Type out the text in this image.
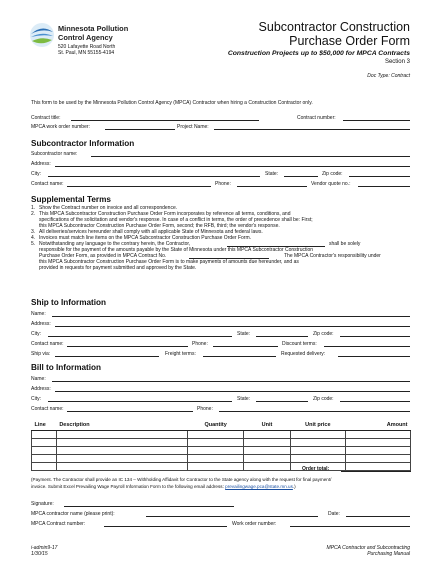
Minnesota Pollution
Control Agency
520 Lafayette Road North
St. Paul, MN 55155-4194
Subcontractor Construction
Purchase Order Form
Construction Projects up to $50,000 for MPCA Contracts
Section 3
Doc Type: Contract
This form to be used by the Minnesota Pollution Control Agency (MPCA) Contractor when hiring a Construction Contractor only.
Contract title:	Contract number:
MPCA work order number:	Project Name:
Subcontractor Information
Subcontractor name:
Address:
City:	State:	Zip code:
Contact name:	Phone:	Vendor quote no.:
Supplemental Terms
1. Show the Contract number on invoice and all correspondence.
2. This MPCA Subcontractor Construction Purchase Order Form incorporates by reference all terms, conditions, and
specifications of the solicitation and vendor's response. In case of a conflict in terms, the order of precedence shall be: First;
this MPCA Subcontractor Construction Purchase Order Form, second; the RFB, third; the vendor's response.
3. All deliveries/services hereunder shall comply with all applicable State of Minnesota and federal laws.
4. Invoices must match line items on the MPCA Subcontractor Construction Purchase Order Form.
5. Notwithstanding any language to the contrary herein, the Contractor,
responsible for the payment of the amounts payable by the State of Minnesota under this MPCA Subcontractor Construction
Purchase Order Form, as provided in MPCA Contract No.
this MPCA Subcontractor Construction Purchase Order Form is to make payments of amounts due hereunder, and as
provided in requests for payment submitted and approved by the State.
shall be solely
The MPCA Contractor's responsibility under
Ship to Information
Name:
Address:
City:	State:	Zip code:
Contact name:	Phone:	Discount terms:
Ship via:	Freight terms:	Requested delivery:
Bill to Information
Name:
Address:
City:	State:	Zip code:
Contact name:	Phone:
Line	Description	Quantity	Unit	Unit price	Amount

Order total:
(Payment. The Contractor shall provide an IC 134 – Withholding Affidavit for Contractor to the State agency along with the request for final payment/
invoice. Submit Excel Prevailing Wage Payroll Information Form to the following email address: prevailingwage.pca@state.mn.us.)
Signature:
MPCA contractor name (please print):	Date:
MPCA Contract number:	Work order number:
i-admin9-17
1/30/15
MPCA Contractor and Subcontracting
Purchasing Manual
